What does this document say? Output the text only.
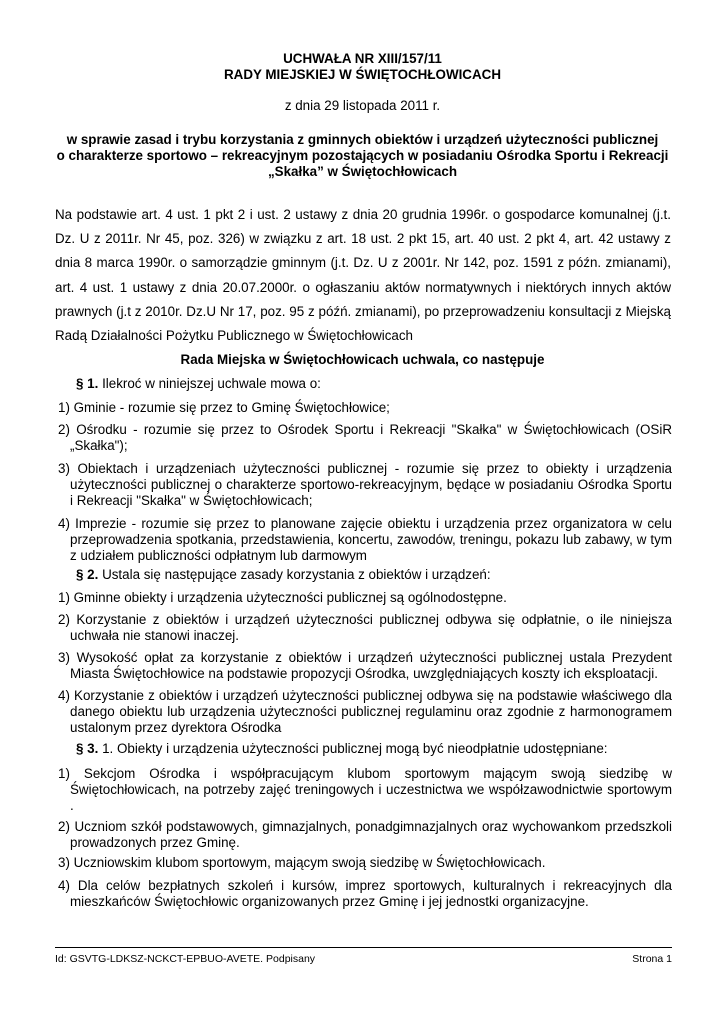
UCHWAŁA NR XIII/157/11
RADY MIEJSKIEJ W ŚWIĘTOCHŁOWICACH
z dnia 29 listopada 2011 r.
w sprawie zasad i trybu korzystania z gminnych obiektów i urządzeń użyteczności publicznej
o charakterze sportowo – rekreacyjnym pozostających w posiadaniu Ośrodka Sportu i Rekreacji
„Skałka” w Świętochłowicach
Na podstawie art. 4 ust. 1 pkt 2 i ust. 2 ustawy z dnia 20 grudnia 1996r. o gospodarce komunalnej (j.t. Dz. U z 2011r. Nr 45, poz. 326) w związku z art. 18 ust. 2 pkt 15, art. 40 ust. 2 pkt 4, art. 42 ustawy z dnia 8 marca 1990r. o samorządzie gminnym (j.t. Dz. U z 2001r. Nr 142, poz. 1591 z późn. zmianami), art. 4 ust. 1 ustawy z dnia 20.07.2000r. o ogłaszaniu aktów normatywnych i niektórych innych aktów prawnych (j.t z 2010r. Dz.U Nr 17, poz. 95 z późń. zmianami), po przeprowadzeniu konsultacji z Miejską Radą Działalności Pożytku Publicznego w Świętochłowicach
Rada Miejska w Świętochłowicach uchwala, co następuje
§ 1. Ilekroć w niniejszej uchwale mowa o:
1) Gminie - rozumie się przez to Gminę Świętochłowice;
2) Ośrodku - rozumie się przez to Ośrodek Sportu i Rekreacji "Skałka" w Świętochłowicach (OSiR „Skałka");
3) Obiektach i urządzeniach użyteczności publicznej - rozumie się przez to obiekty i urządzenia użyteczności publicznej o charakterze sportowo-rekreacyjnym, będące w posiadaniu Ośrodka Sportu i Rekreacji "Skałka" w Świętochłowicach;
4) Imprezie - rozumie się przez to planowane zajęcie obiektu i urządzenia przez organizatora w celu przeprowadzenia spotkania, przedstawienia, koncertu, zawodów, treningu, pokazu lub zabawy, w tym z udziałem publiczności odpłatnym lub darmowym
§ 2. Ustala się następujące zasady korzystania z obiektów i urządzeń:
1) Gminne obiekty i urządzenia użyteczności publicznej są ogólnodostępne.
2) Korzystanie z obiektów i urządzeń użyteczności publicznej odbywa się odpłatnie, o ile niniejsza uchwała nie stanowi inaczej.
3) Wysokość opłat za korzystanie z obiektów i urządzeń użyteczności publicznej ustala Prezydent Miasta Świętochłowice na podstawie propozycji Ośrodka, uwzględniających koszty ich eksploatacji.
4) Korzystanie z obiektów i urządzeń użyteczności publicznej odbywa się na podstawie właściwego dla danego obiektu lub urządzenia użyteczności publicznej regulaminu oraz zgodnie z harmonogramem ustalonym przez dyrektora Ośrodka
§ 3. 1. Obiekty i urządzenia użyteczności publicznej mogą być nieodpłatnie udostępniane:
1) Sekcjom Ośrodka i współpracującym klubom sportowym mającym swoją siedzibę w Świętochłowicach, na potrzeby zajęć treningowych i uczestnictwa we współzawodnictwie sportowym .
2) Uczniom szkół podstawowych, gimnazjalnych, ponadgimnazjalnych oraz wychowankom przedszkoli prowadzonych przez Gminę.
3) Uczniowskim klubom sportowym, mającym swoją siedzibę w Świętochłowicach.
4) Dla celów bezpłatnych szkoleń i kursów, imprez sportowych, kulturalnych i rekreacyjnych dla mieszkańców Świętochłowic organizowanych przez Gminę i jej jednostki organizacyjne.
Id: GSVTG-LDKSZ-NCKCT-EPBUO-AVETE. Podpisany	Strona 1
